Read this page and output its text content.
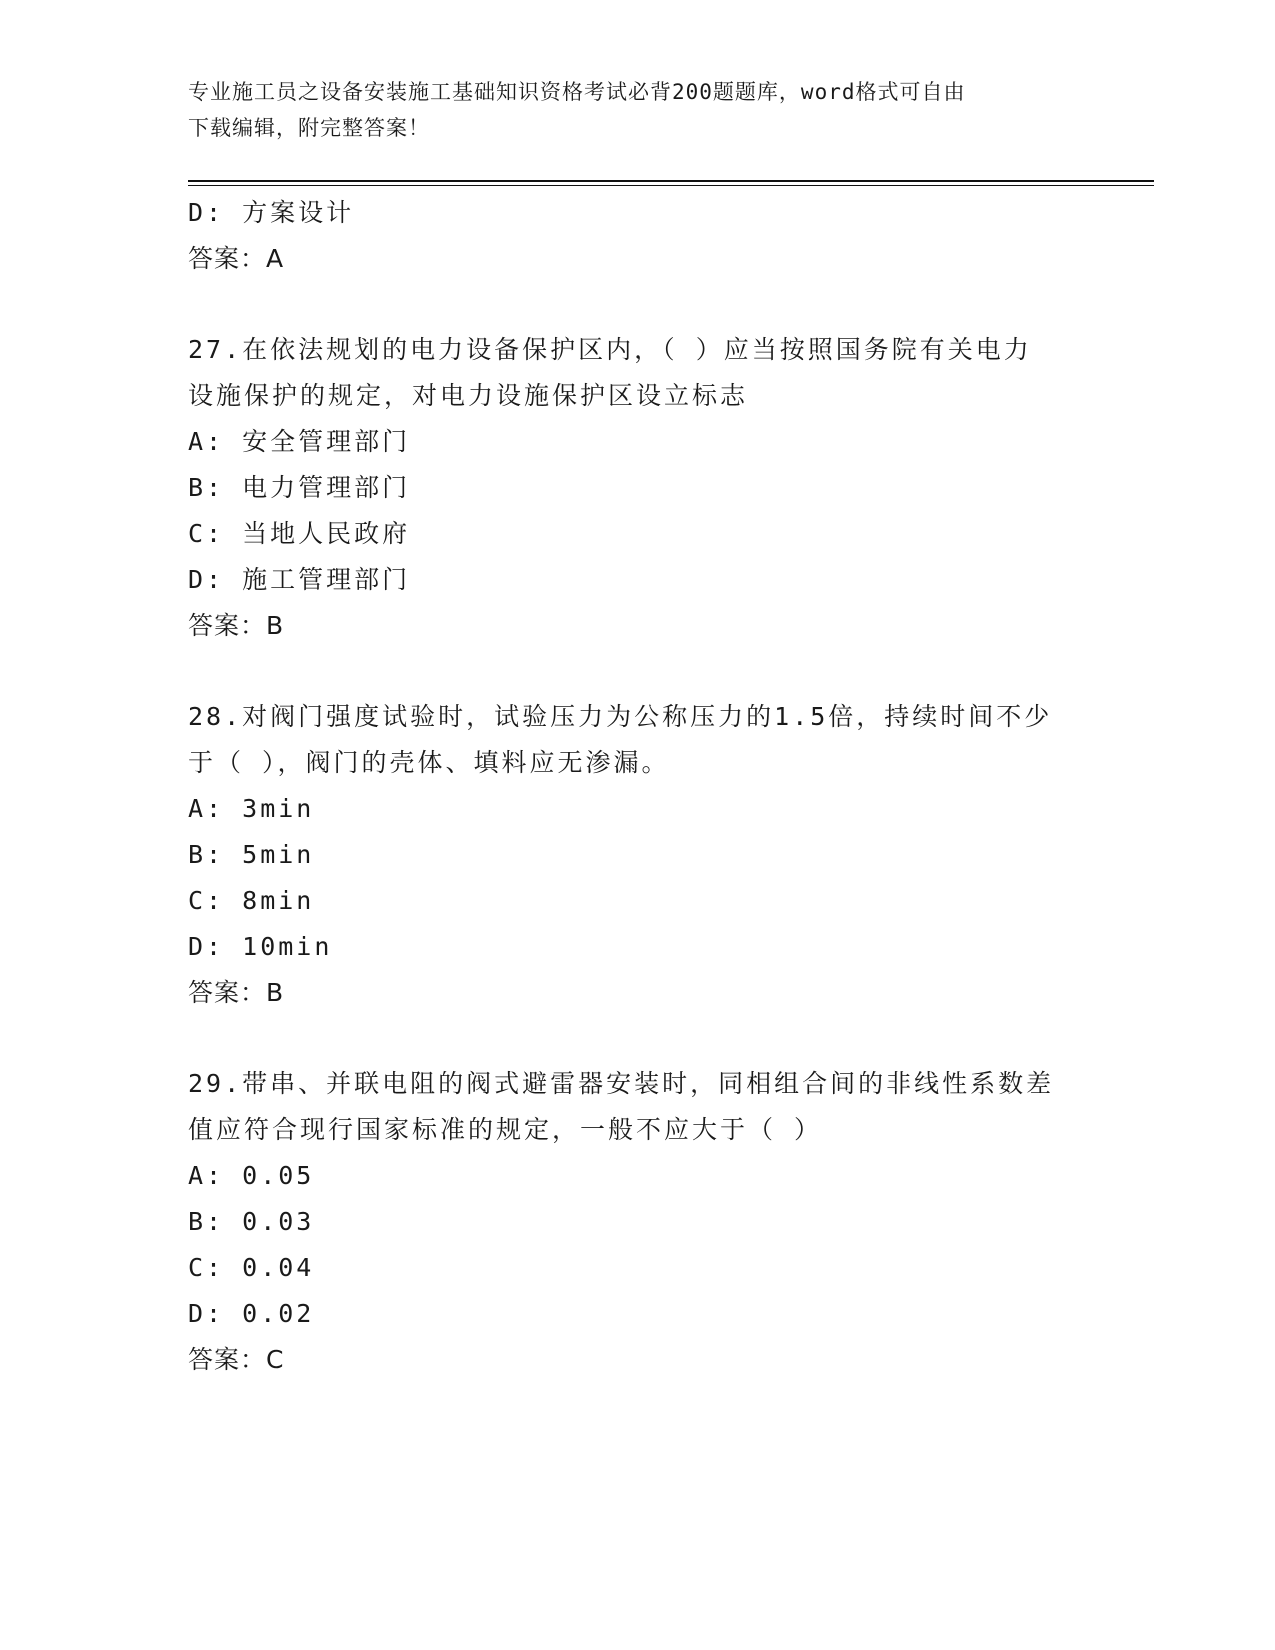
专业施工员之设备安装施工基础知识资格考试必背200题题库，word格式可自由
下载编辑，附完整答案！
D: 方案设计
答案：A
27.在依法规划的电力设备保护区内，（ ）应当按照国务院有关电力
设施保护的规定，对电力设施保护区设立标志
A: 安全管理部门
B: 电力管理部门
C: 当地人民政府
D: 施工管理部门
答案：B
28.对阀门强度试验时，试验压力为公称压力的1.5倍，持续时间不少
于（ ），阀门的壳体、填料应无渗漏。
A: 3min
B: 5min
C: 8min
D: 10min
答案：B
29.带串、并联电阻的阀式避雷器安装时，同相组合间的非线性系数差
值应符合现行国家标准的规定，一般不应大于（ ）
A: 0.05
B: 0.03
C: 0.04
D: 0.02
答案：C
